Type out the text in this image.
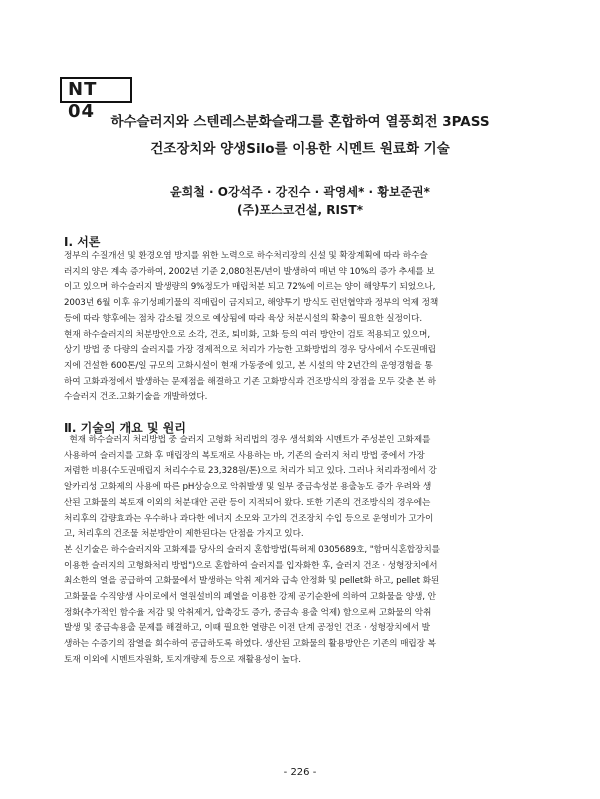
NT 04	하수슬러지와 스텐레스분화슬래그를 혼합하여 열풍회전 3PASS
건조장치와 양생Silo를 이용한 시멘트 원료화 기술
윤희철 · O강석주 · 강진수 · 곽영세* · 황보준권*
(주)포스코건설, RIST*
Ⅰ. 서론

정부의 수질개선 및 환경오염 방지를 위한 노력으로 하수처리장의 신설 및 확장계획에 따라 하수슬
러지의 양은 계속 증가하여, 2002년 기준 2,080천톤/년이 발생하여 매년 약 10%의 증가 추세를 보
이고 있으며 하수슬러지 발생량의 9%정도가 매립처분 되고 72%에 이르는 양이 해양투기 되었으나,
2003년 6월 이후 유기성폐기물의 직매립이 금지되고, 해양투기 방식도 런던협약과 정부의 억제 정책
등에 따라 향후에는 점차 감소될 것으로 예상됨에 따라 육상 처분시설의 확충이 필요한 실정이다.
현재 하수슬러지의 처분방안으로 소각, 건조, 퇴비화, 고화 등의 여러 방안이 검토 적용되고 있으며,
상기 방법 중 다량의 슬러지를 가장 경제적으로 처리가 가능한 고화방법의 경우 당사에서 수도권매립
지에 건설한 600톤/일 규모의 고화시설이 현재 가동중에 있고, 본 시설의 약 2년간의 운영경험을 통
하여 고화과정에서 발생하는 문제점을 해결하고 기존 고화방식과 건조방식의 장점을 모두 갖춘 본 하
수슬러지 건조.고화기술을 개발하였다.

Ⅱ. 기술의 개요 및 원리

현재 하수슬러지 처리방법 중 슬러지 고형화 처리법의 경우 생석회와 시멘트가 주성분인 고화제를
사용하여 슬러지를 고화 후 매립장의 복토재로 사용하는 바, 기존의 슬러지 처리 방법 중에서 가장
저렴한 비용(수도권매립지 처리수수료 23,328원/톤)으로 처리가 되고 있다. 그러나 처리과정에서 강
알카리성 고화제의 사용에 따른 pH상승으로 악취발생 및 일부 중금속성분 용출농도 증가 우려와 생
산된 고화물의 복토재 이외의 처분대안 곤란 등이 지적되어 왔다. 또한 기존의 건조방식의 경우에는
처리후의 감량효과는 우수하나 과다한 에너지 소모와 고가의 건조장치 수입 등으로 운영비가 고가이
고, 처리후의 건조물 처분방안이 제한된다는 단점을 가지고 있다.
본 신기술은 하수슬러지와 고화제를 당사의 슬러지 혼합방법(특허제 0305689호, "함머식혼합장치를
이용한 슬러지의 고형화처리 방법")으로 혼합하여 슬러지를 입자화한 후, 슬러지 건조 · 성형장치에서
최소한의 열을 공급하여 고화물에서 발생하는 악취 제거와 급속 안정화 및 pellet화 하고, pellet 화된
고화물을 수직양생 사이로에서 열원설비의 폐열을 이용한 강제 공기순환에 의하여 고화물을 양생, 안
정화(추가적인 함수율 저감 및 악취제거, 압축강도 증가, 중금속 용출 억제) 함으로써 고화물의 악취
발생 및 중금속용출 문제를 해결하고, 이때 필요한 열량은 이전 단계 공정인 건조 · 성형장치에서 발
생하는 수증기의 잠열을 회수하여 공급하도록 하였다. 생산된 고화물의 활용방안은 기존의 매립장 복
토재 이외에 시멘트자원화, 토지개량제 등으로 재활용성이 높다.

- 226 -
